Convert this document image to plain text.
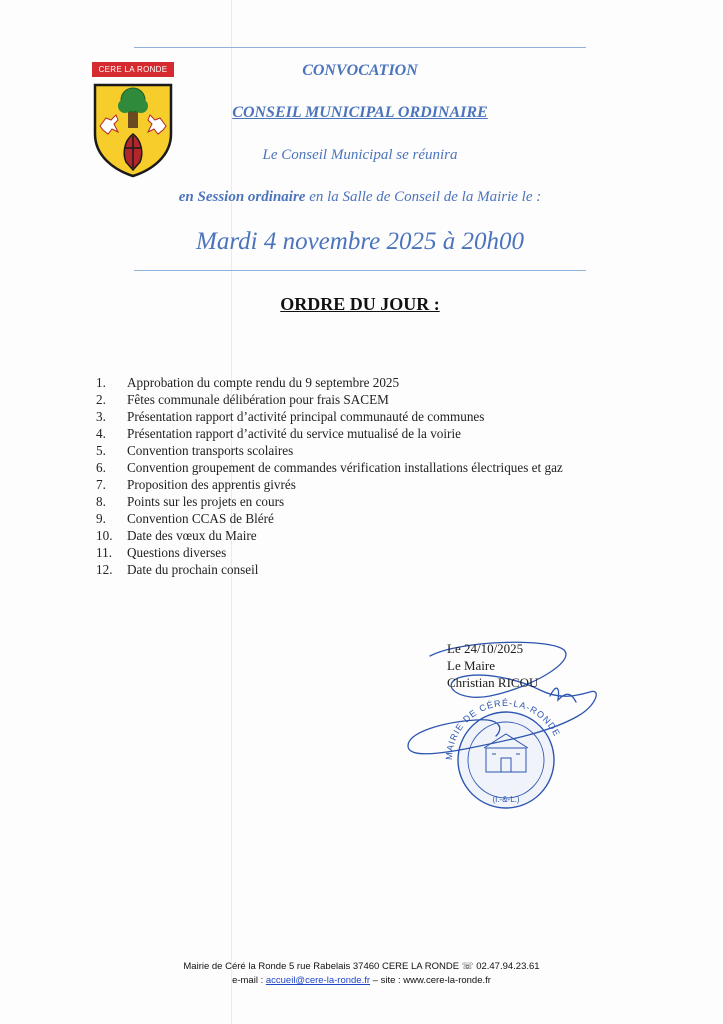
CERE LA RONDE	CONVOCATION
CONSEIL MUNICIPAL ORDINAIRE
Le Conseil Municipal se réunira
en Session ordinaire en la Salle de Conseil de la Mairie le :
Mardi 4 novembre 2025 à 20h00
ORDRE DU JOUR :
1. Approbation du compte rendu du 9 septembre 2025
2. Fêtes communale délibération pour frais SACEM
3. Présentation rapport d’activité principal communauté de communes
4. Présentation rapport d’activité du service mutualisé de la voirie
5. Convention transports scolaires
6. Convention groupement de commandes vérification installations électriques et gaz
7. Proposition des apprentis givrés
8. Points sur les projets en cours
9. Convention CCAS de Bléré
10. Date des vœux du Maire
11. Questions diverses
12. Date du prochain conseil
MAIRIE DE CÉRÉ-LA-RONDE
(I.-&-L.)
Le 24/10/2025
Le Maire
Christian RICOU
Mairie de Céré la Ronde 5 rue Rabelais 37460 CERE LA RONDE ☏ 02.47.94.23.61
e-mail : accueil@cere-la-ronde.fr – site : www.cere-la-ronde.fr
